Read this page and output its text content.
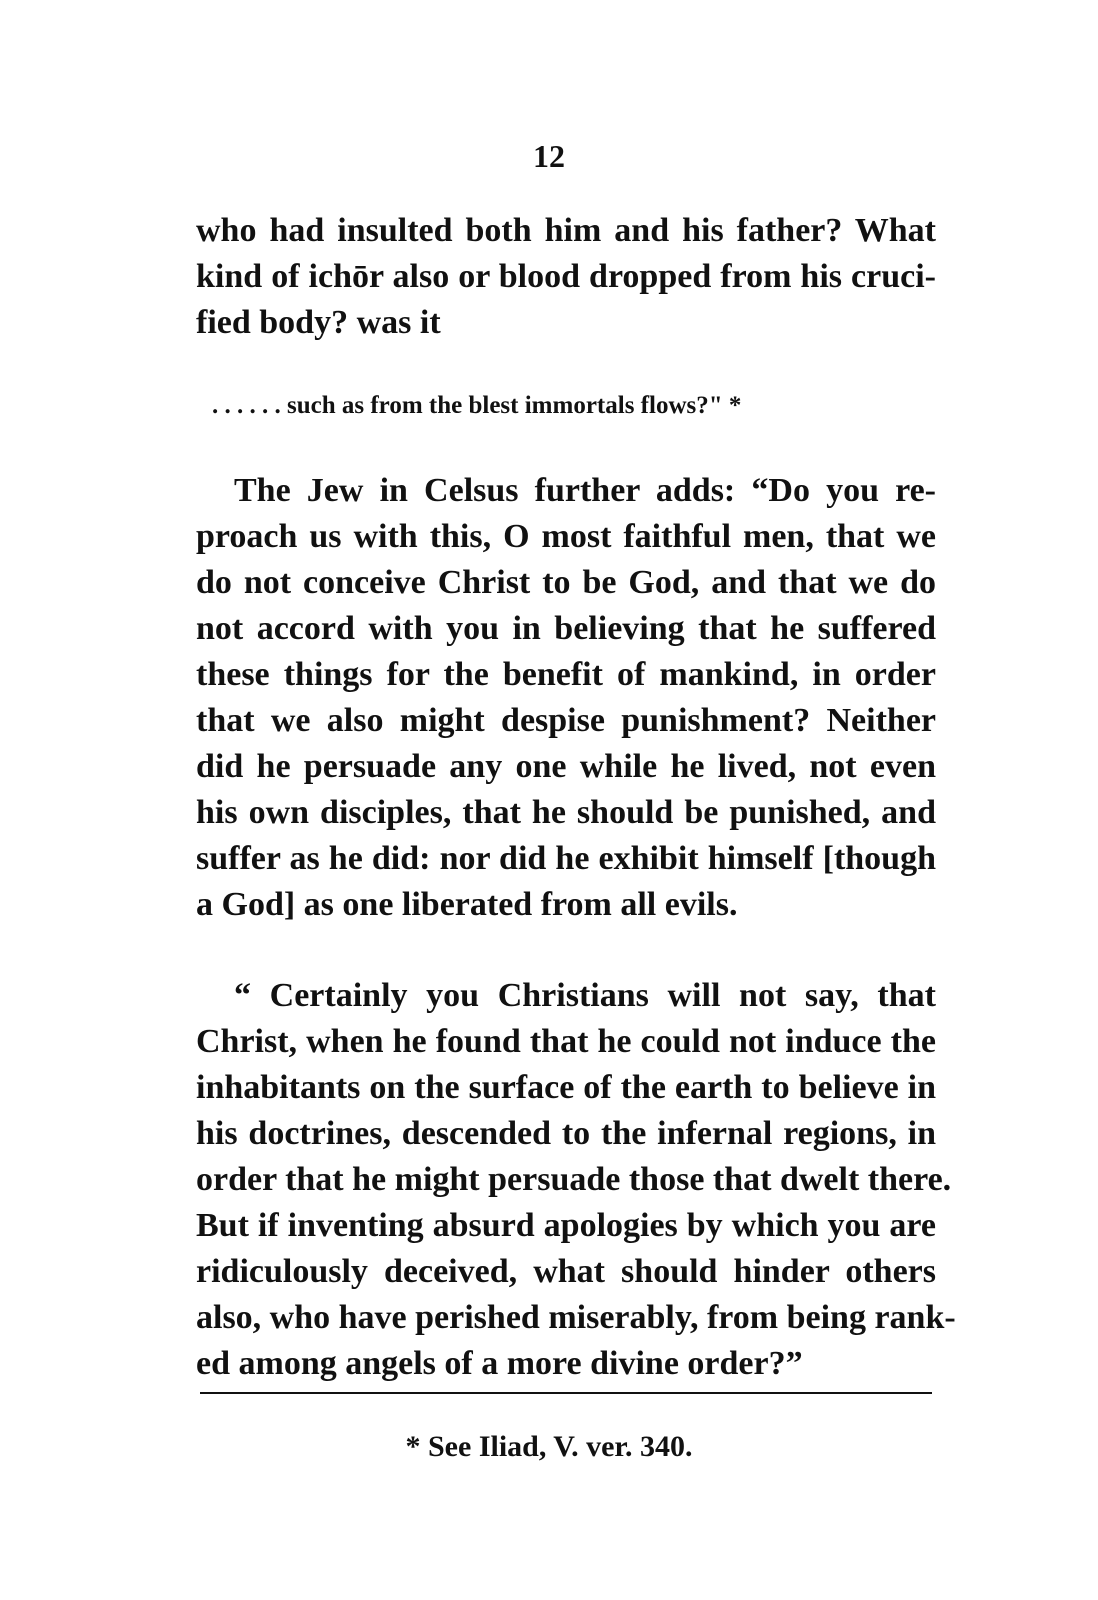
12
who had insulted both him and his father? What
kind of ichōr also or blood dropped from his cruci-
fied body? was it
. . . . . . such as from the blest immortals flows?" *
The Jew in Celsus further adds: “Do you re-
proach us with this, O most faithful men, that we
do not conceive Christ to be God, and that we do
not accord with you in believing that he suffered
these things for the benefit of mankind, in order
that we also might despise punishment? Neither
did he persuade any one while he lived, not even
his own disciples, that he should be punished, and
suffer as he did: nor did he exhibit himself [though
a God] as one liberated from all evils.
“ Certainly you Christians will not say, that
Christ, when he found that he could not induce the
inhabitants on the surface of the earth to believe in
his doctrines, descended to the infernal regions, in
order that he might persuade those that dwelt there.
But if inventing absurd apologies by which you are
ridiculously deceived, what should hinder others
also, who have perished miserably, from being rank-
ed among angels of a more divine order?”
* See Iliad, V. ver. 340.
